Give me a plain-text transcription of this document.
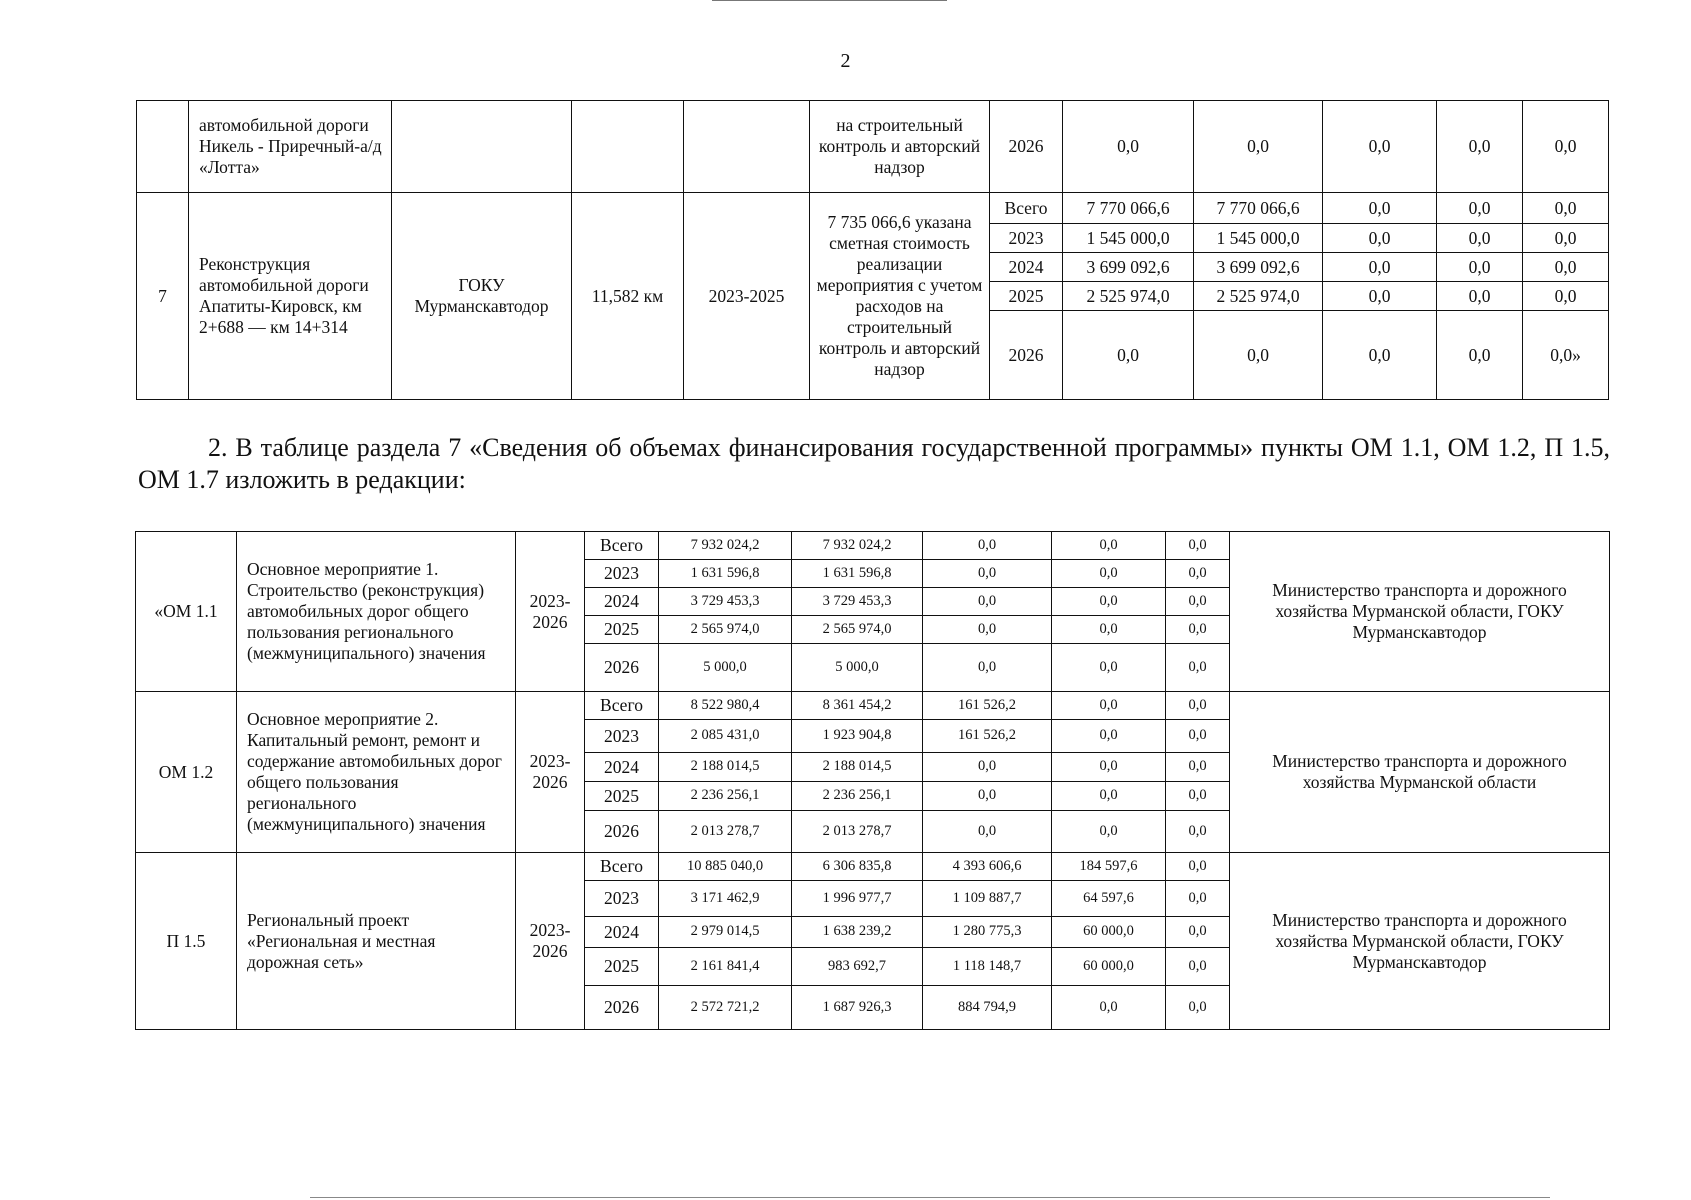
2
	автомобильной дороги Никель - Приречный-а/д «Лотта»				на строительный контроль и авторский надзор	2026	0,0	0,0	0,0	0,0	0,0
7	Реконструкция автомобильной дороги Апатиты-Кировск, км 2+688 — км 14+314	ГОКУ Мурманскавтодор	11,582 км	2023-2025	7 735 066,6 указана сметная стоимость реализации мероприятия с учетом расходов на строительный контроль и авторский надзор	Всего	7 770 066,6	7 770 066,6	0,0	0,0	0,0
						2023	1 545 000,0	1 545 000,0	0,0	0,0	0,0
						2024	3 699 092,6	3 699 092,6	0,0	0,0	0,0
						2025	2 525 974,0	2 525 974,0	0,0	0,0	0,0
						2026	0,0	0,0	0,0	0,0	0,0»

2. В таблице раздела 7 «Сведения об объемах финансирования государственной программы» пункты ОМ 1.1, ОМ 1.2, П 1.5, ОМ 1.7 изложить в редакции:

«ОМ 1.1	Основное мероприятие 1. Строительство (реконструкция) автомобильных дорог общего пользования регионального (межмуниципального) значения	2023-2026	Всего	7 932 024,2	7 932 024,2	0,0	0,0	0,0	Министерство транспорта и дорожного хозяйства Мурманской области, ГОКУ Мурманскавтодор
			2023	1 631 596,8	1 631 596,8	0,0	0,0	0,0	
			2024	3 729 453,3	3 729 453,3	0,0	0,0	0,0	
			2025	2 565 974,0	2 565 974,0	0,0	0,0	0,0	
			2026	5 000,0	5 000,0	0,0	0,0	0,0	
ОМ 1.2	Основное мероприятие 2. Капитальный ремонт, ремонт и содержание автомобильных дорог общего пользования регионального (межмуниципального) значения	2023-2026	Всего	8 522 980,4	8 361 454,2	161 526,2	0,0	0,0	Министерство транспорта и дорожного хозяйства Мурманской области
			2023	2 085 431,0	1 923 904,8	161 526,2	0,0	0,0	
			2024	2 188 014,5	2 188 014,5	0,0	0,0	0,0	
			2025	2 236 256,1	2 236 256,1	0,0	0,0	0,0	
			2026	2 013 278,7	2 013 278,7	0,0	0,0	0,0	
П 1.5	Региональный проект «Региональная и местная дорожная сеть»	2023-2026	Всего	10 885 040,0	6 306 835,8	4 393 606,6	184 597,6	0,0	Министерство транспорта и дорожного хозяйства Мурманской области, ГОКУ Мурманскавтодор
			2023	3 171 462,9	1 996 977,7	1 109 887,7	64 597,6	0,0	
			2024	2 979 014,5	1 638 239,2	1 280 775,3	60 000,0	0,0	
			2025	2 161 841,4	983 692,7	1 118 148,7	60 000,0	0,0	
			2026	2 572 721,2	1 687 926,3	884 794,9	0,0	0,0	
